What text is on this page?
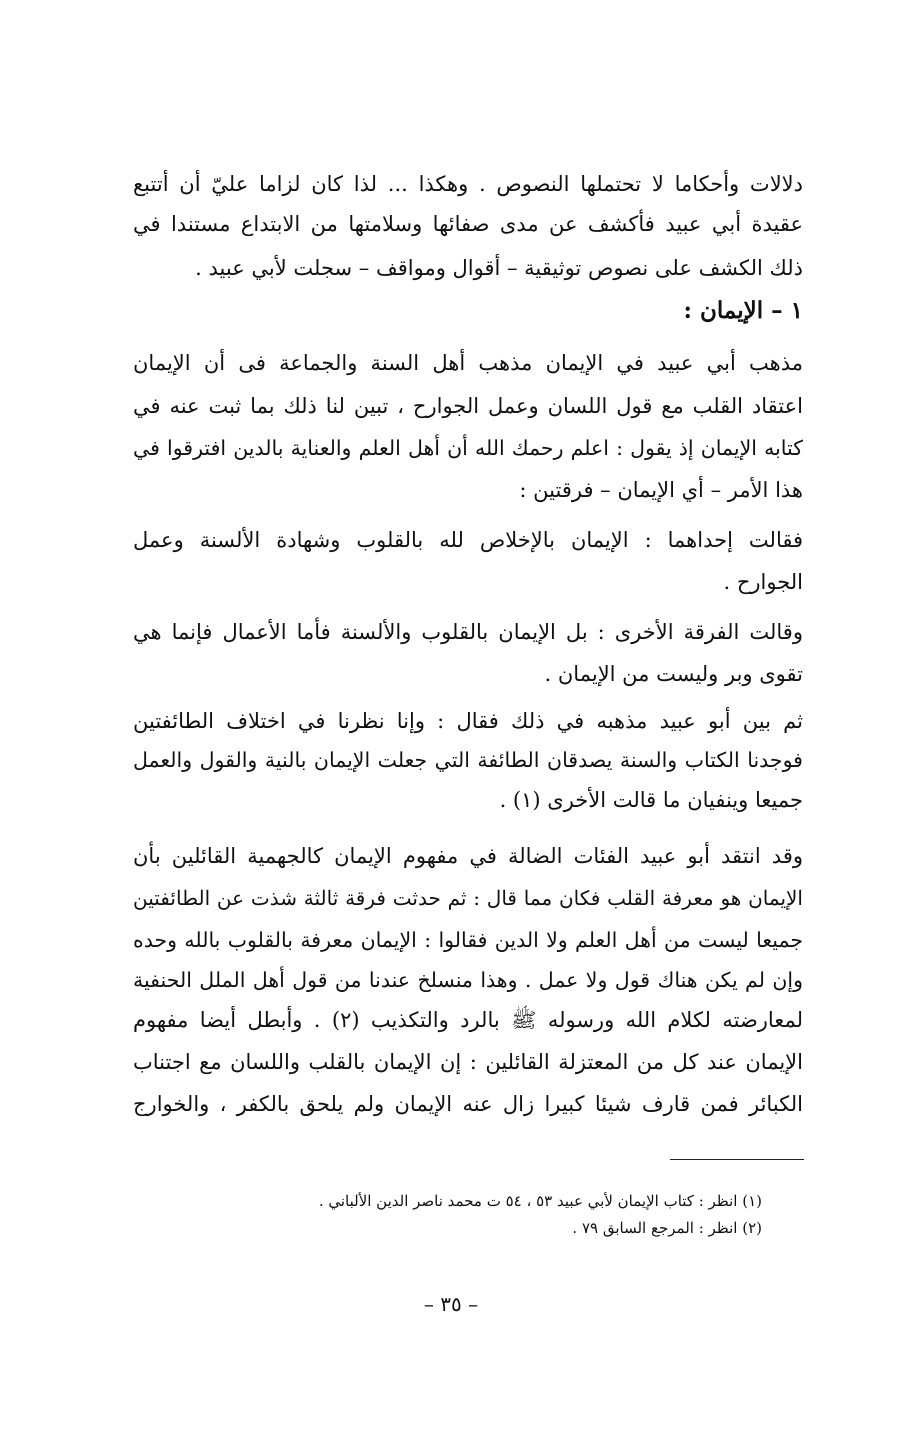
دلالات وأحكاما لا تحتملها النصوص . وهكذا ... لذا كان لزاما عليّ أن أتتبع
عقيدة أبي عبيد فأكشف عن مدى صفائها وسلامتها من الابتداع مستندا في
ذلك الكشف على نصوص توثيقية – أقوال ومواقف – سجلت لأبي عبيد .
١ – الإيمان :
مذهب أبي عبيد في الإيمان مذهب أهل السنة والجماعة فى أن الإيمان
اعتقاد القلب مع قول اللسان وعمل الجوارح ، تبين لنا ذلك بما ثبت عنه في
كتابه الإيمان إذ يقول : اعلم رحمك الله أن أهل العلم والعناية بالدين افترقوا في
هذا الأمر – أي الإيمان – فرقتين :
فقالت إحداهما : الإيمان بالإخلاص لله بالقلوب وشهادة الألسنة وعمل
الجوارح .
وقالت الفرقة الأخرى : بل الإيمان بالقلوب والألسنة فأما الأعمال فإنما هي
تقوى وبر وليست من الإيمان .
ثم بين أبو عبيد مذهبه في ذلك فقال : وإنا نظرنا في اختلاف الطائفتين
فوجدنا الكتاب والسنة يصدقان الطائفة التي جعلت الإيمان بالنية والقول والعمل
جميعا وينفيان ما قالت الأخرى (١) .
وقد انتقد أبو عبيد الفئات الضالة في مفهوم الإيمان كالجهمية القائلين بأن
الإيمان هو معرفة القلب فكان مما قال : ثم حدثت فرقة ثالثة شذت عن الطائفتين
جميعا ليست من أهل العلم ولا الدين فقالوا : الإيمان معرفة بالقلوب بالله وحده
وإن لم يكن هناك قول ولا عمل . وهذا منسلخ عندنا من قول أهل الملل الحنفية
لمعارضته لكلام الله ورسوله ﷺ بالرد والتكذيب (٢) . وأبطل أيضا مفهوم
الإيمان عند كل من المعتزلة القائلين : إن الإيمان بالقلب واللسان مع اجتناب
الكبائر فمن قارف شيئا كبيرا زال عنه الإيمان ولم يلحق بالكفر ، والخوارج
(١) انظر : كتاب الإيمان لأبي عبيد ٥٣ ، ٥٤ ت محمد ناصر الدين الألباني .
(٢) انظر : المرجع السابق ٧٩ .
– ٣٥ –
